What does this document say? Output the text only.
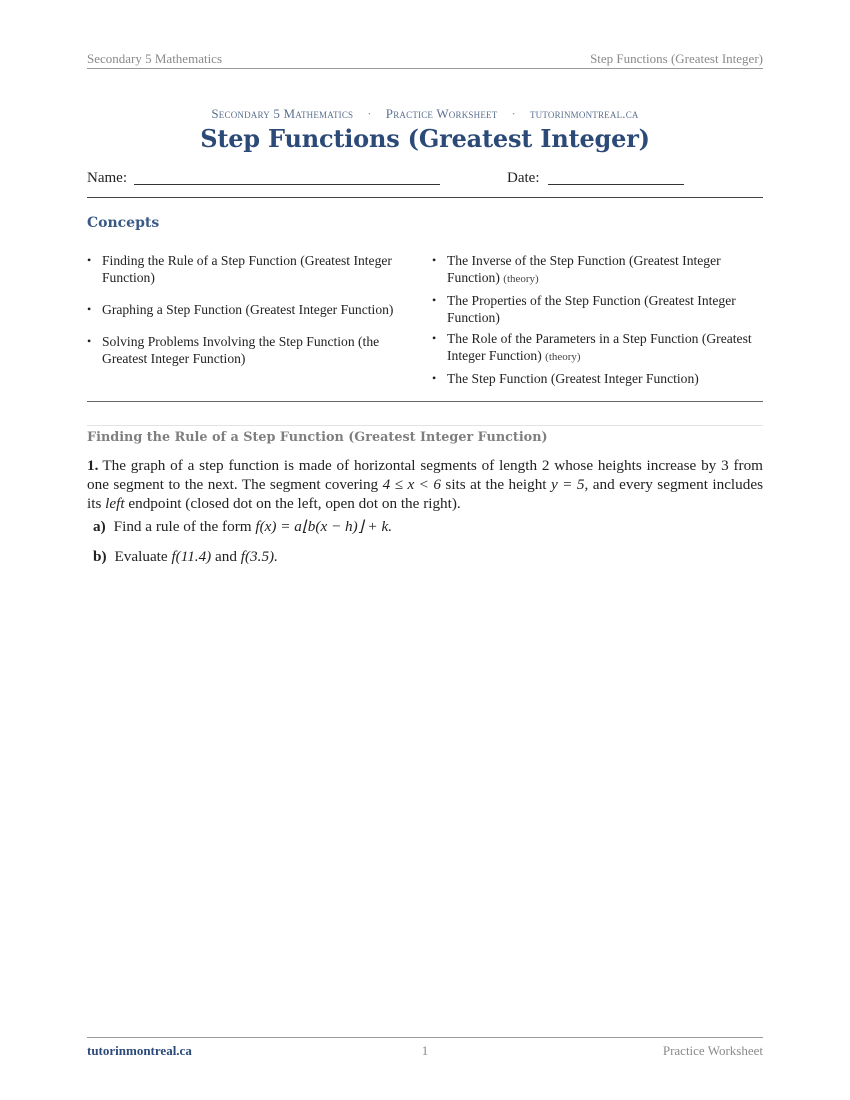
Secondary 5 Mathematics	Step Functions (Greatest Integer)
Secondary 5 Mathematics · Practice Worksheet · tutorinmontreal.ca
Step Functions (Greatest Integer)
Name:	Date:
Concepts
• Finding the Rule of a Step Function (Greatest Integer Function)
• Graphing a Step Function (Greatest Integer Function)
• Solving Problems Involving the Step Function (the Greatest Integer Function)
• The Inverse of the Step Function (Greatest Integer Function) (theory)
• The Properties of the Step Function (Greatest Integer Function)
• The Role of the Parameters in a Step Function (Greatest Integer Function) (theory)
• The Step Function (Greatest Integer Function)
Finding the Rule of a Step Function (Greatest Integer Function)
1. The graph of a step function is made of horizontal segments of length 2 whose heights increase by 3 from one segment to the next. The segment covering 4 ≤ x < 6 sits at the height y = 5, and every segment includes its left endpoint (closed dot on the left, open dot on the right).
a) Find a rule of the form f(x) = a⌊b(x − h)⌋ + k.
b) Evaluate f(11.4) and f(3.5).
tutorinmontreal.ca	1	Practice Worksheet
